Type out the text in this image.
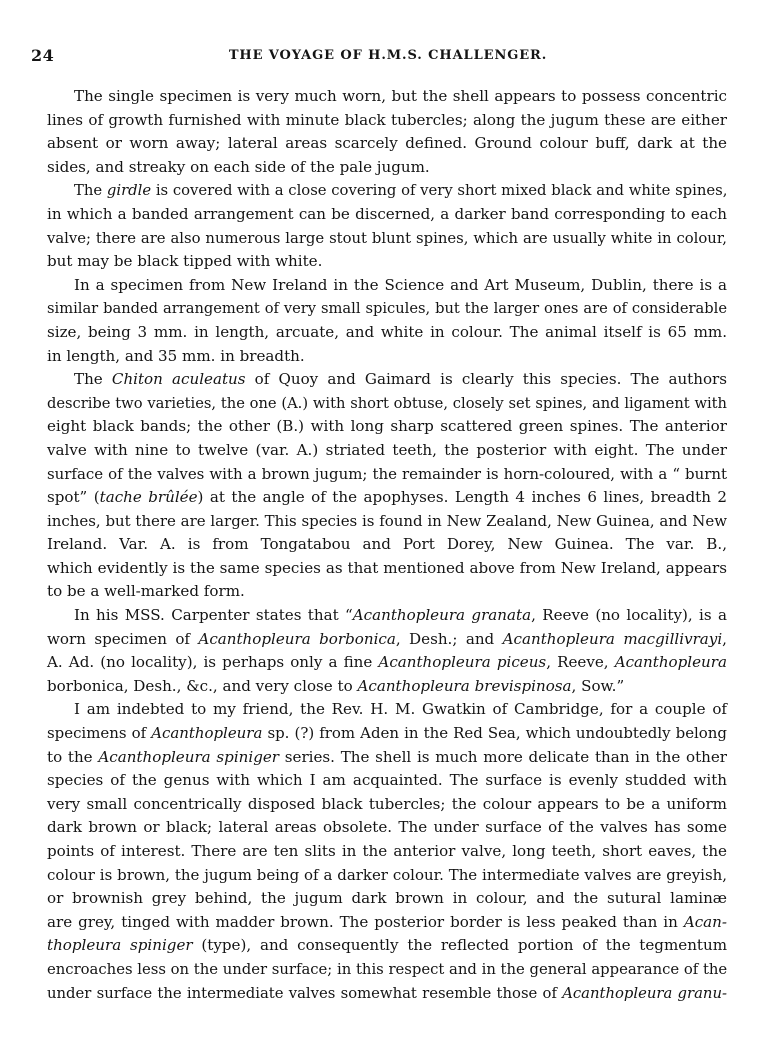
24	THE VOYAGE OF H.M.S. CHALLENGER.
The single specimen is very much worn, but the shell appears to possess concentric
lines of growth furnished with minute black tubercles; along the jugum these are either
absent or worn away; lateral areas scarcely defined. Ground colour buff, dark at the
sides, and streaky on each side of the pale jugum.
The girdle is covered with a close covering of very short mixed black and white spines,
in which a banded arrangement can be discerned, a darker band corresponding to each
valve; there are also numerous large stout blunt spines, which are usually white in colour,
but may be black tipped with white.
In a specimen from New Ireland in the Science and Art Museum, Dublin, there is a
similar banded arrangement of very small spicules, but the larger ones are of considerable
size, being 3 mm. in length, arcuate, and white in colour. The animal itself is 65 mm.
in length, and 35 mm. in breadth.
The Chiton aculeatus of Quoy and Gaimard is clearly this species. The authors
describe two varieties, the one (A.) with short obtuse, closely set spines, and ligament with
eight black bands; the other (B.) with long sharp scattered green spines. The anterior
valve with nine to twelve (var. A.) striated teeth, the posterior with eight. The under
surface of the valves with a brown jugum; the remainder is horn-coloured, with a “ burnt
spot” (tache brûlée) at the angle of the apophyses. Length 4 inches 6 lines, breadth 2
inches, but there are larger. This species is found in New Zealand, New Guinea, and New
Ireland. Var. A. is from Tongatabou and Port Dorey, New Guinea. The var. B.,
which evidently is the same species as that mentioned above from New Ireland, appears
to be a well-marked form.
In his MSS. Carpenter states that “Acanthopleura granata, Reeve (no locality), is a
worn specimen of Acanthopleura borbonica, Desh.; and Acanthopleura macgillivrayi,
A. Ad. (no locality), is perhaps only a fine Acanthopleura piceus, Reeve, Acanthopleura
borbonica, Desh., &c., and very close to Acanthopleura brevispinosa, Sow.”
I am indebted to my friend, the Rev. H. M. Gwatkin of Cambridge, for a couple of
specimens of Acanthopleura sp. (?) from Aden in the Red Sea, which undoubtedly belong
to the Acanthopleura spiniger series. The shell is much more delicate than in the other
species of the genus with which I am acquainted. The surface is evenly studded with
very small concentrically disposed black tubercles; the colour appears to be a uniform
dark brown or black; lateral areas obsolete. The under surface of the valves has some
points of interest. There are ten slits in the anterior valve, long teeth, short eaves, the
colour is brown, the jugum being of a darker colour. The intermediate valves are greyish,
or brownish grey behind, the jugum dark brown in colour, and the sutural laminæ
are grey, tinged with madder brown. The posterior border is less peaked than in Acan-
thopleura spiniger (type), and consequently the reflected portion of the tegmentum
encroaches less on the under surface; in this respect and in the general appearance of the
under surface the intermediate valves somewhat resemble those of Acanthopleura granu-
